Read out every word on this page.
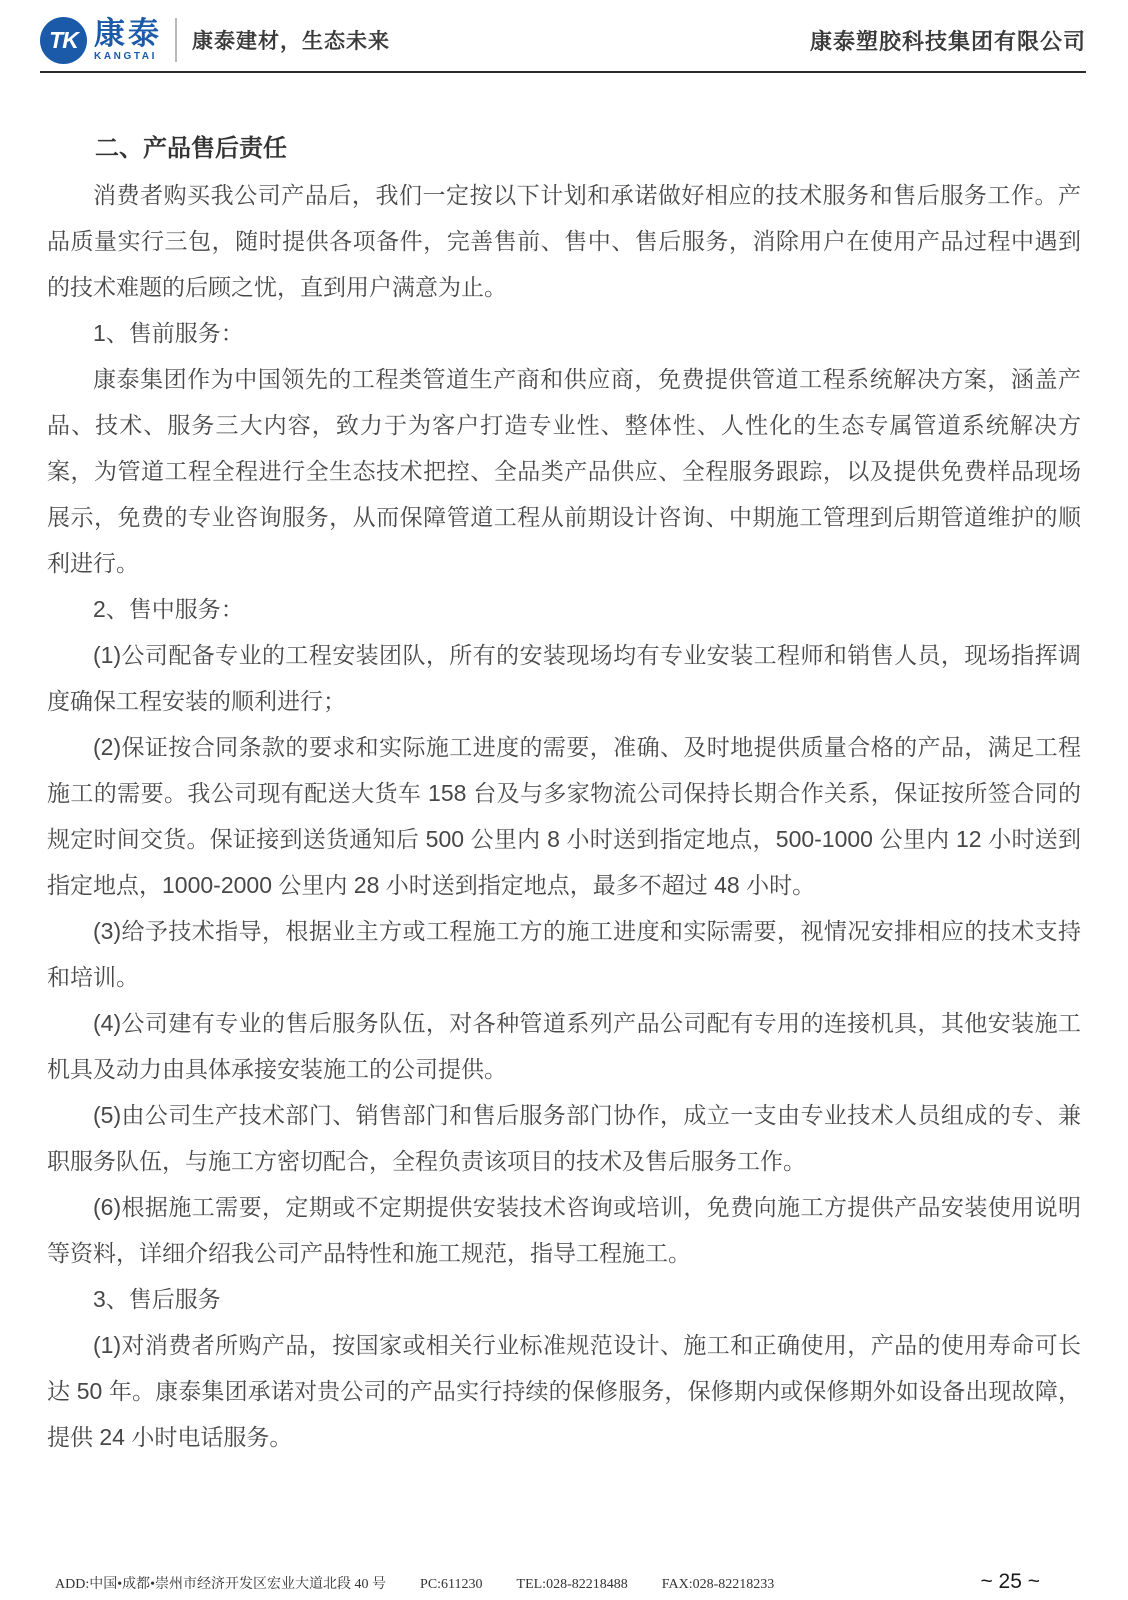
TK 康泰
KANGTAI
康泰建材，生态未来	康泰塑胶科技集团有限公司
二、产品售后责任

消费者购买我公司产品后，我们一定按以下计划和承诺做好相应的技术服务和售后服务工作。产品质量实行三包，随时提供各项备件，完善售前、售中、售后服务，消除用户在使用产品过程中遇到的技术难题的后顾之忧，直到用户满意为止。

1、售前服务：

康泰集团作为中国领先的工程类管道生产商和供应商，免费提供管道工程系统解决方案，涵盖产品、技术、服务三大内容，致力于为客户打造专业性、整体性、人性化的生态专属管道系统解决方案，为管道工程全程进行全生态技术把控、全品类产品供应、全程服务跟踪，以及提供免费样品现场展示，免费的专业咨询服务，从而保障管道工程从前期设计咨询、中期施工管理到后期管道维护的顺利进行。

2、售中服务：

(1)公司配备专业的工程安装团队，所有的安装现场均有专业安装工程师和销售人员，现场指挥调度确保工程安装的顺利进行；

(2)保证按合同条款的要求和实际施工进度的需要，准确、及时地提供质量合格的产品，满足工程施工的需要。我公司现有配送大货车 158 台及与多家物流公司保持长期合作关系，保证按所签合同的规定时间交货。保证接到送货通知后 500 公里内 8 小时送到指定地点，500-1000 公里内 12 小时送到指定地点，1000-2000 公里内 28 小时送到指定地点，最多不超过 48 小时。

(3)给予技术指导，根据业主方或工程施工方的施工进度和实际需要，视情况安排相应的技术支持和培训。

(4)公司建有专业的售后服务队伍，对各种管道系列产品公司配有专用的连接机具，其他安装施工机具及动力由具体承接安装施工的公司提供。

(5)由公司生产技术部门、销售部门和售后服务部门协作，成立一支由专业技术人员组成的专、兼职服务队伍，与施工方密切配合，全程负责该项目的技术及售后服务工作。

(6)根据施工需要，定期或不定期提供安装技术咨询或培训，免费向施工方提供产品安装使用说明等资料，详细介绍我公司产品特性和施工规范，指导工程施工。

3、售后服务

(1)对消费者所购产品，按国家或相关行业标准规范设计、施工和正确使用，产品的使用寿命可长达 50 年。康泰集团承诺对贵公司的产品实行持续的保修服务，保修期内或保修期外如设备出现故障，提供 24 小时电话服务。

ADD:中国•成都•崇州市经济开发区宏业大道北段 40 号 PC:611230 TEL:028-82218488 FAX:028-82218233	~ 25 ~
